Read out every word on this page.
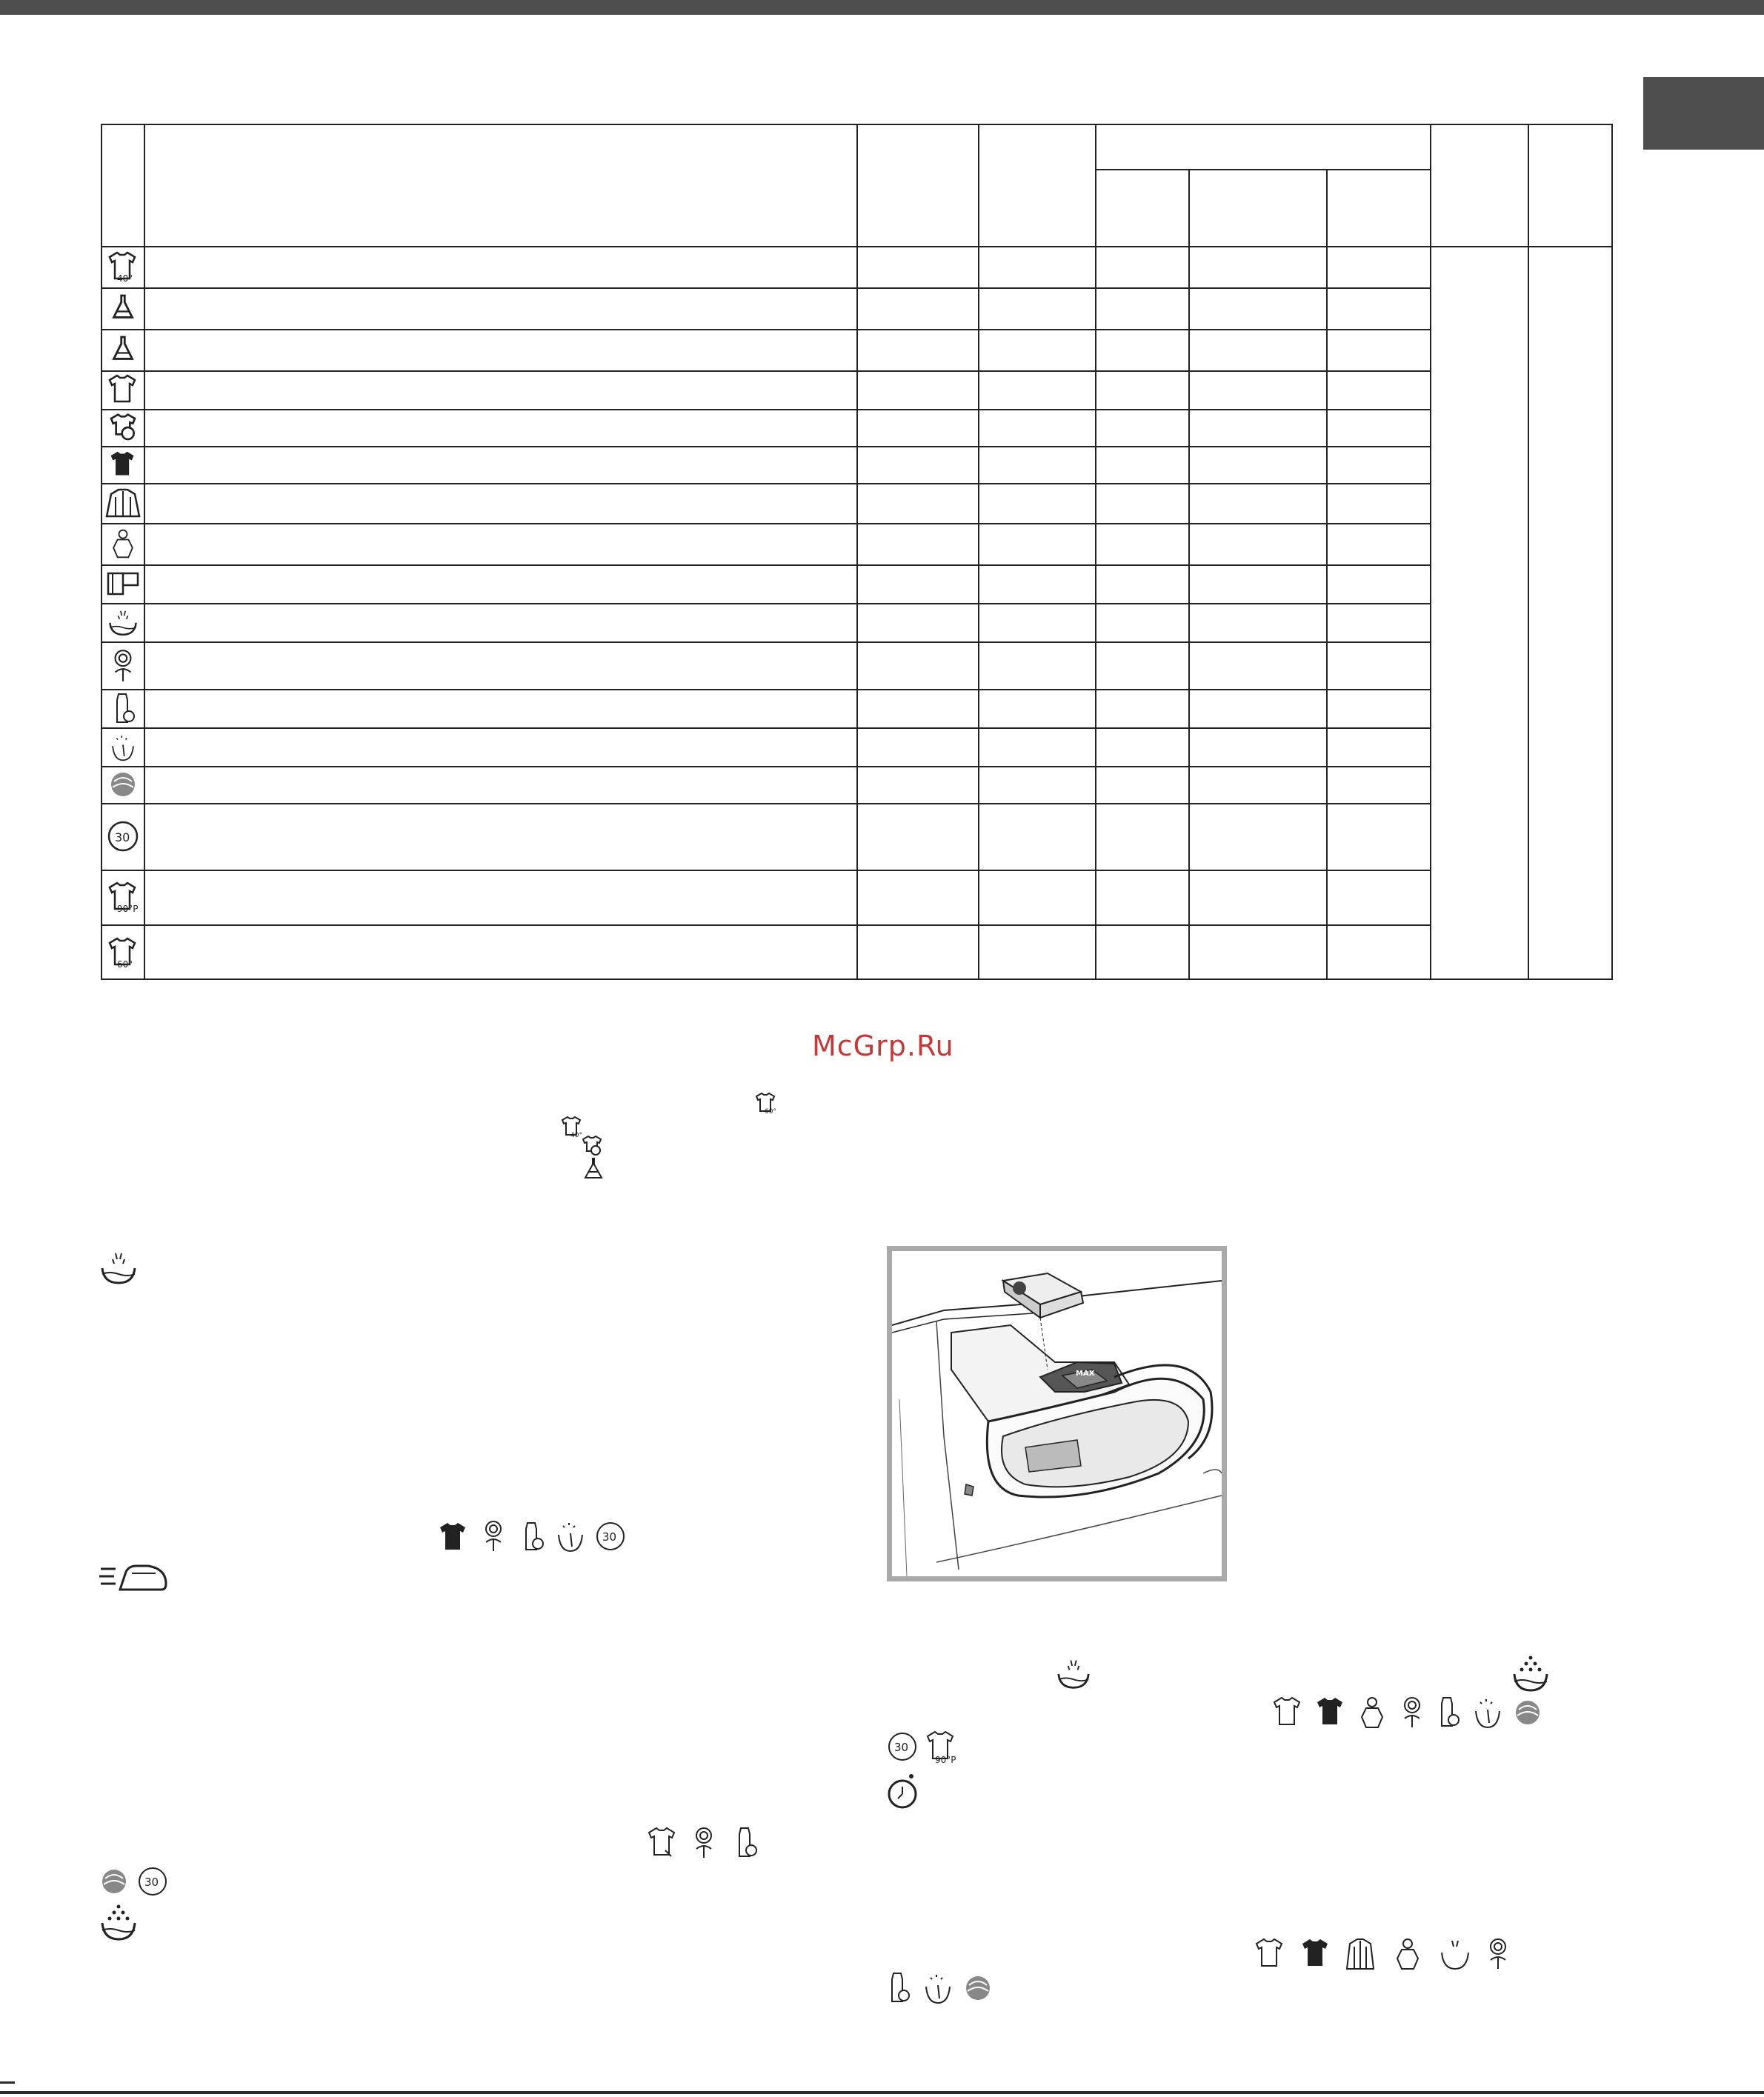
40°
30
90°P
60°
McGrp.Ru
60°
40°
30
30
MAX
30
90°P
